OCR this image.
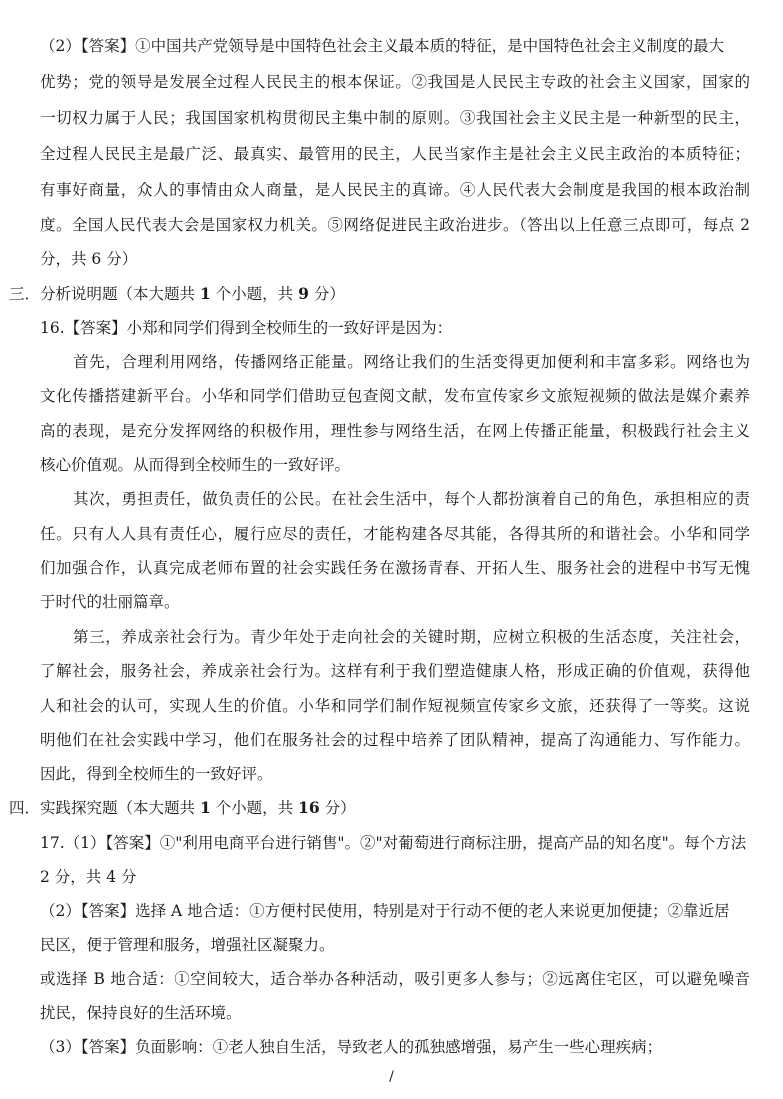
（2）【答案】①中国共产党领导是中国特色社会主义最本质的特征，是中国特色社会主义制度的最大
优势；党的领导是发展全过程人民民主的根本保证。②我国是人民民主专政的社会主义国家，国家的
一切权力属于人民；我国国家机构贯彻民主集中制的原则。③我国社会主义民主是一种新型的民主，
全过程人民民主是最广泛、最真实、最管用的民主，人民当家作主是社会主义民主政治的本质特征；
有事好商量，众人的事情由众人商量，是人民民主的真谛。④人民代表大会制度是我国的根本政治制
度。全国人民代表大会是国家权力机关。⑤网络促进民主政治进步。（答出以上任意三点即可，每点 2
分，共 6 分）
三．分析说明题（本大题共 1 个小题，共 9 分）
16.【答案】小郑和同学们得到全校师生的一致好评是因为：
首先，合理利用网络，传播网络正能量。网络让我们的生活变得更加便利和丰富多彩。网络也为
文化传播搭建新平台。小华和同学们借助豆包查阅文献，发布宣传家乡文旅短视频的做法是媒介素养
高的表现，是充分发挥网络的积极作用，理性参与网络生活，在网上传播正能量，积极践行社会主义
核心价值观。从而得到全校师生的一致好评。
其次，勇担责任，做负责任的公民。在社会生活中，每个人都扮演着自己的角色，承担相应的责
任。只有人人具有责任心，履行应尽的责任，才能构建各尽其能，各得其所的和谐社会。小华和同学
们加强合作，认真完成老师布置的社会实践任务在激扬青春、开拓人生、服务社会的进程中书写无愧
于时代的壮丽篇章。
第三，养成亲社会行为。青少年处于走向社会的关键时期，应树立积极的生活态度，关注社会，
了解社会，服务社会，养成亲社会行为。这样有利于我们塑造健康人格，形成正确的价值观，获得他
人和社会的认可，实现人生的价值。小华和同学们制作短视频宣传家乡文旅，还获得了一等奖。这说
明他们在社会实践中学习，他们在服务社会的过程中培养了团队精神，提高了沟通能力、写作能力。
因此，得到全校师生的一致好评。
四．实践探究题（本大题共 1 个小题，共 16 分）
17.（1）【答案】①"利用电商平台进行销售"。②"对葡萄进行商标注册，提高产品的知名度"。每个方法
2 分，共 4 分
（2）【答案】选择 A 地合适：①方便村民使用，特别是对于行动不便的老人来说更加便捷；②靠近居
民区，便于管理和服务，增强社区凝聚力。
或选择 B 地合适：①空间较大，适合举办各种活动，吸引更多人参与；②远离住宅区，可以避免噪音
扰民，保持良好的生活环境。
（3）【答案】负面影响：①老人独自生活，导致老人的孤独感增强，易产生一些心理疾病；
/
